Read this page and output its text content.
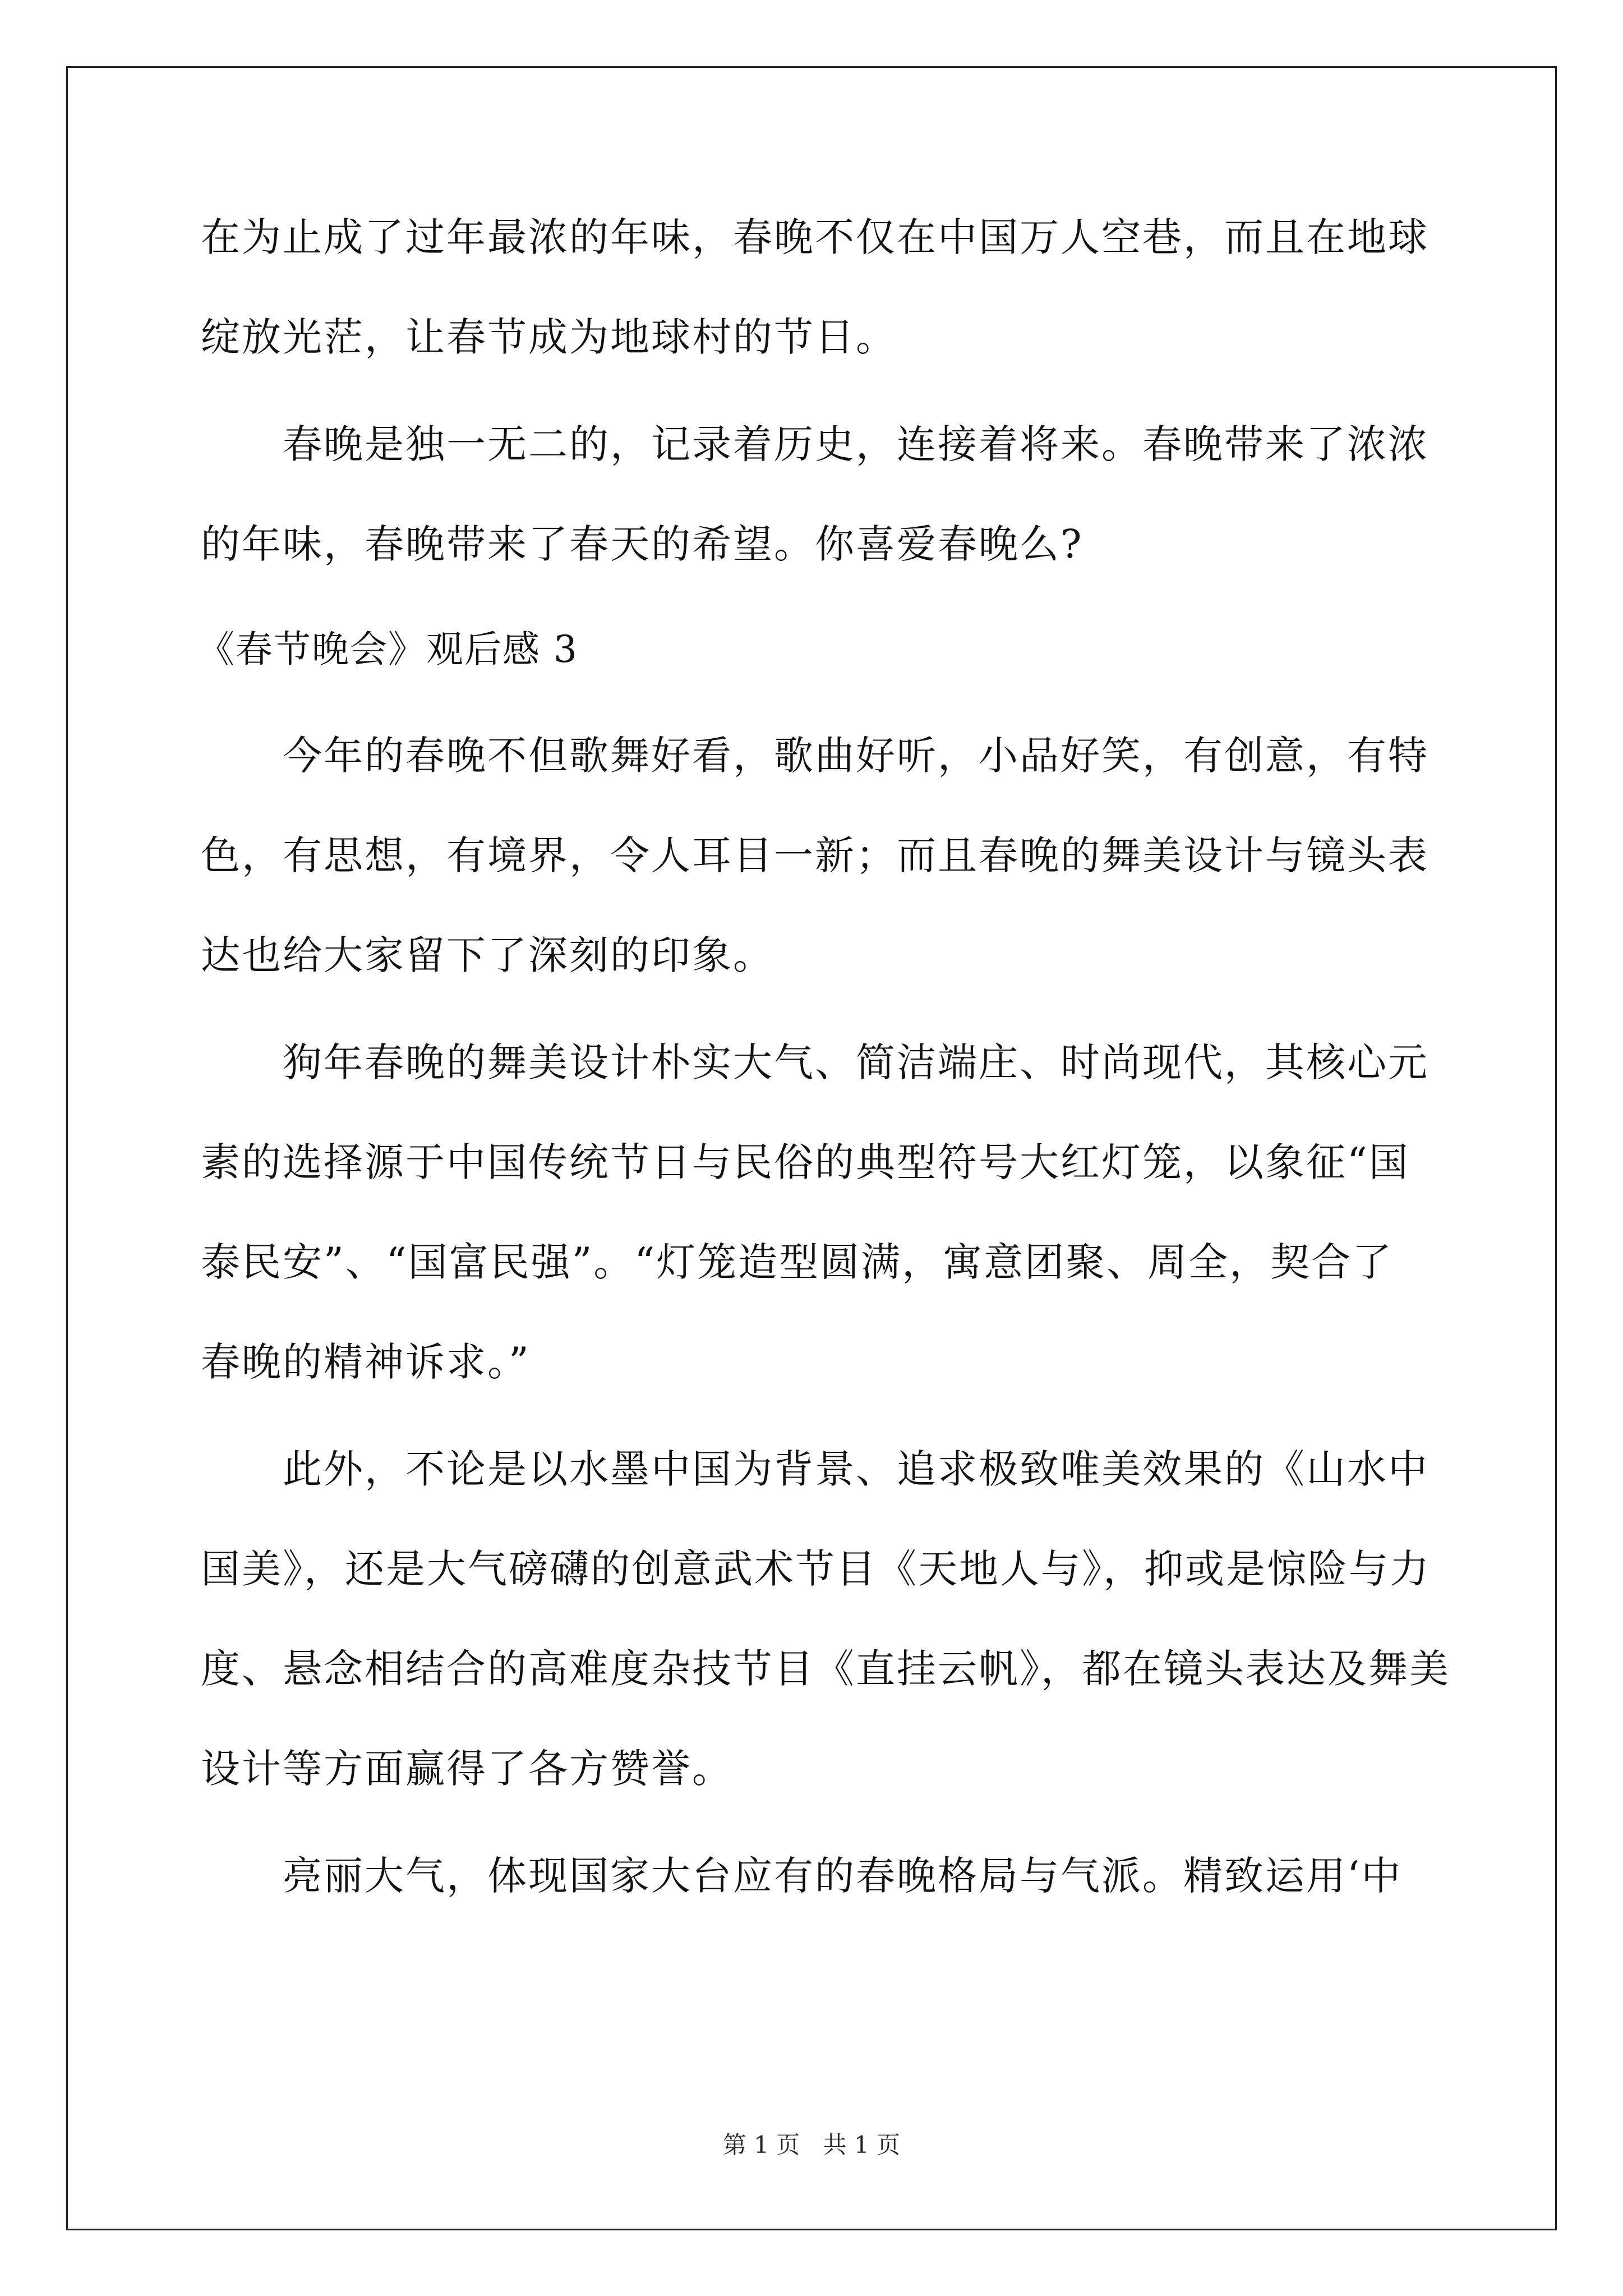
在为止成了过年最浓的年味，春晚不仅在中国万人空巷，而且在地球

绽放光茫，让春节成为地球村的节日。

春晚是独一无二的，记录着历史，连接着将来。春晚带来了浓浓

的年味，春晚带来了春天的希望。你喜爱春晚么?

《春节晚会》观后感 3

今年的春晚不但歌舞好看，歌曲好听，小品好笑，有创意，有特

色，有思想，有境界，令人耳目一新；而且春晚的舞美设计与镜头表

达也给大家留下了深刻的印象。

狗年春晚的舞美设计朴实大气、简洁端庄、时尚现代，其核心元

素的选择源于中国传统节日与民俗的典型符号大红灯笼，以象征“国

泰民安”、“国富民强”。“灯笼造型圆满，寓意团聚、周全，契合了

春晚的精神诉求。”

此外，不论是以水墨中国为背景、追求极致唯美效果的《山水中

国美》，还是大气磅礴的创意武术节目《天地人与》，抑或是惊险与力

度、悬念相结合的高难度杂技节目《直挂云帆》，都在镜头表达及舞美

设计等方面赢得了各方赞誉。

亮丽大气，体现国家大台应有的春晚格局与气派。精致运用‘中

第 1 页 共 1 页
